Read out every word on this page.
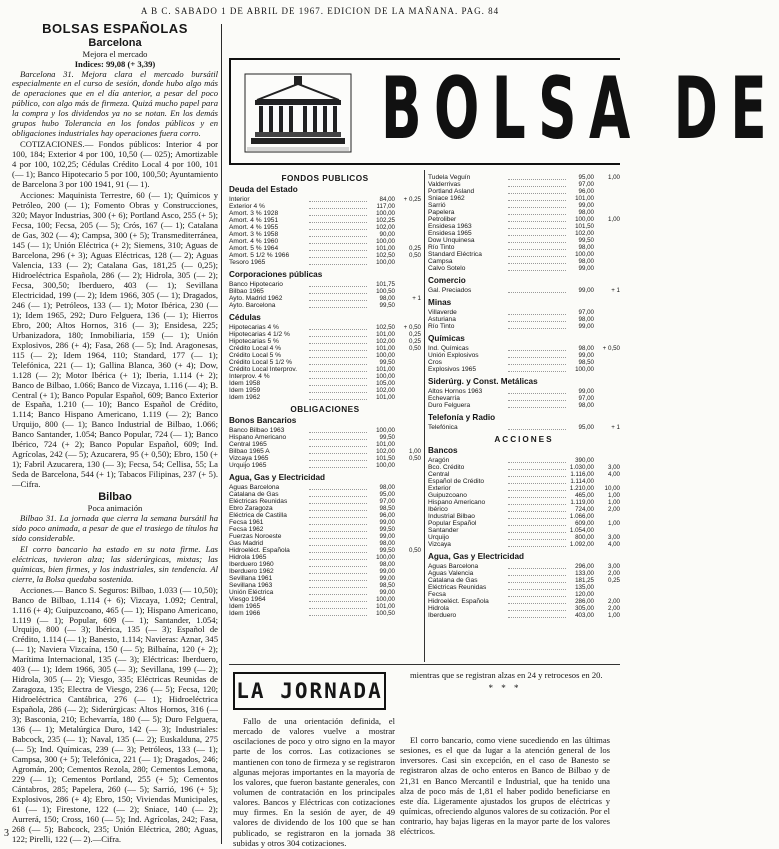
A B C. SABADO 1 DE ABRIL DE 1967. EDICION DE LA MAÑANA. PAG. 84
BOLSAS ESPAÑOLAS
Barcelona
Mejora el mercado
Indices: 99,08 (+ 3,39)

Barcelona 31. Mejora clara el mercado bursátil especialmente en el curso de sesión, donde hubo algo más de operaciones que en el día anterior, a pesar del poco público, con algo más de firmeza. Quizá mucho papel para la compra y los dividendos ya no se notan. En los demás grupos hubo Tolerancia en los fondos públicos y en obligaciones industriales hay operaciones fuera corro.

COTIZACIONES.— Fondos públicos: Interior 4 por 100, 184; Exterior 4 por 100, 10,50 (— 025); Amortizable 4 por 100, 102,25; Cédulas Crédito Local 4 por 100, 101 (— 1); Banco Hipotecario 5 por 100, 100,50; Ayuntamiento de Barcelona 3 por 100 1941, 91 (— 1).

Acciones: Maquinista Terrestre, 60 (— 1); Químicos y Petróleo, 200 (— 1); Fomento Obras y Construcciones, 320; Mayor Industrias, 300 (+ 6); Portland Asco, 255 (+ 5); Fecsa, 100; Fecsa, 205 (— 5); Crós, 167 (— 1); Catalana de Gas, 302 (— 4); Campsa, 300 (+ 5); Transmediterránea, 145 (— 1); Unión Eléctrica (+ 2); Siemens, 310; Aguas de Barcelona, 296 (+ 3); Aguas Eléctricas, 128 (— 2); Aguas Valencia, 133 (— 2); Catalana Gas, 181,25 (— 0,25); Hidroeléctrica Española, 286 (— 2); Hidrola, 305 (— 2); Fecsa, 300,50; Iberduero, 403 (— 1); Sevillana Electricidad, 199 (— 2); Idem 1966, 305 (— 1); Dragados, 246 (— 1); Petróleos, 133 (— 1); Motor Ibérica, 230 (— 1); Idem 1965, 292; Duro Felguera, 136 (— 1); Hierros Ebro, 200; Altos Hornos, 316 (— 3); Ensidesa, 225; Urbanizadora, 180; Inmobiliaria, 159 (— 1); Unión Explosivos, 286 (+ 4); Fasa, 268 (— 5); Ind. Aragonesas, 115 (— 2); Idem 1964, 110; Standard, 177 (— 1); Telefónica, 221 (— 1); Gallina Blanca, 360 (+ 4); Dow, 1.128 (— 2); Motor Ibérica (+ 1); Iberia, 1.114 (+ 2); Banco de Bilbao, 1.066; Banco de Vizcaya, 1.116 (— 4); B. Central (+ 1); Banco Popular Español, 609; Banco Exterior de España, 1.210 (— 10); Banco Español de Crédito, 1.114; Banco Hispano Americano, 1.119 (— 2); Banco Urquijo, 800 (— 1); Banco Industrial de Bilbao, 1.066; Banco Santander, 1.054; Banco Popular, 724 (— 1); Banco Ibérico, 724 (+ 2); Banco Popular Español, 609; Ind. Agrícolas, 242 (— 5); Azucarera, 95 (+ 0,50); Ebro, 150 (+ 1); Fabril Azucarera, 130 (— 3); Fecsa, 54; Cellisa, 55; La Seda de Barcelona, 544 (+ 1); Tabacos Filipinas, 237 (+ 5).—Cifra.

Bilbao
Poca animación

Bilbao 31. La jornada que cierra la semana bursátil ha sido poco animada, a pesar de que el trasiego de títulos ha sido considerable.

El corro bancario ha estado en su nota firme. Las eléctricas, tuvieron alza; las siderúrgicas, mixtas; las químicas, bien firmes, y los industriales, sin tendencia. Al cierre, la Bolsa quedaba sostenida.

Acciones.— Banco S. Seguros: Bilbao, 1.033 (— 10,50); Banco de Bilbao, 1.114 (+ 6); Vizcaya, 1.092; Central, 1.116 (+ 4); Guipuzcoano, 465 (— 1); Hispano Americano, 1.119 (— 1); Popular, 609 (— 1); Santander, 1.054; Urquijo, 800 (— 3); Ibérica, 135 (— 3); Español de Crédito, 1.114 (— 1); Banesto, 1.114; Navieras: Aznar, 345 (— 1); Naviera Vizcaína, 150 (— 5); Bilbaína, 120 (+ 2); Marítima Internacional, 135 (— 3); Eléctricas: Iberduero, 403 (— 1); Idem 1966, 305 (— 3); Sevillana, 199 (— 2); Hidrola, 305 (— 2); Viesgo, 335; Eléctricas Reunidas de Zaragoza, 135; Electra de Viesgo, 236 (— 5); Fecsa, 120; Hidroeléctrica Cantábrica, 276 (— 1); Hidroeléctrica Española, 286 (— 2); Siderúrgicas: Altos Hornos, 316 (— 3); Basconia, 210; Echevarría, 180 (— 5); Duro Felguera, 136 (— 1); Metalúrgica Duro, 142 (— 3); Industriales: Babcock, 235 (— 1); Naval, 135 (— 2); Euskalduna, 275 (— 5); Ind. Químicas, 239 (— 3); Petróleos, 133 (— 1); Campsa, 300 (+ 5); Telefónica, 221 (— 1); Dragados, 246; Agromán, 200; Cementos Rezola, 280; Cementos Lemona, 229 (— 1); Cementos Portland, 255 (+ 5); Cementos Cántabros, 285; Papelera, 260 (— 5); Sarrió, 196 (+ 5); Explosivos, 286 (+ 4); Ebro, 150; Viviendas Municipales, 61 (— 1); Firestone, 122 (— 2); Sniace, 140 (— 2); Aurrerá, 150; Cross, 160 (— 5); Ind. Agrícolas, 242; Fasa, 268 (— 5); Babcock, 235; Unión Eléctrica, 280; Aguas, 122; Pirelli, 122 (— 2).—Cifra.

BOLSA DE
FONDOS PUBLICOS
Deuda del Estado
Interior	84,00	+ 0,25
Exterior 4 %	117,00
Amort. 3 % 1928	100,00
Amort. 4 % 1951	102,25
Amort. 4 % 1955	102,00
Amort. 3 % 1958	90,00
Amort. 4 % 1960	100,00
Amort. 5 % 1964	101,00	0,25
Amort. 5 1/2 % 1966	102,50	0,50
Tesoro 1965	100,00
Corporaciones públicas
Banco Hipotecario	101,75
Bilbao 1965	100,50
Ayto. Madrid 1962	98,00	+ 1
Ayto. Barcelona	99,50
Cédulas
Hipotecarias 4 %	102,50	+ 0,50
Hipotecarias 4 1/2 %	101,00	0,25
Hipotecarias 5 %	102,00	0,25
Crédito Local 4 %	101,00	0,50
Crédito Local 5 %	100,00
Crédito Local 5 1/2 %	99,50
Crédito Local Interprov.	101,00
Interprov. 4 %	100,00
Idem 1958	105,00
Idem 1959	102,00
Idem 1962	101,00
OBLIGACIONES
Bonos Bancarios
Banco Bilbao 1963	100,00
Hispano Americano	99,50
Central 1965	101,00
Bilbao 1965 A	102,00	1,00
Vizcaya 1965	101,50	0,50
Urquijo 1965	100,00
Agua, Gas y Electricidad
Aguas Barcelona	98,00
Catalana de Gas	95,00
Eléctricas Reunidas	97,00
Ebro Zaragoza	98,50
Eléctrica de Castilla	96,00
Fecsa 1961	99,00
Fecsa 1962	99,50
Fuerzas Noroeste	99,00
Gas Madrid	98,00
Hidroeléct. Española	99,50	0,50
Hidrola 1965	100,00
Iberduero 1960	98,00
Iberduero 1962	99,00
Sevillana 1961	99,00
Sevillana 1963	98,50
Unión Eléctrica	99,00
Viesgo 1964	100,00
Idem 1965	101,00
Idem 1966	100,50
Tudela Veguín	95,00	1,00
Valderrivas	97,00
Portland Asland	96,00
Sniace 1962	101,00
Sarrió	99,00
Papelera	98,00
Petroliber	100,00	1,00
Ensidesa 1963	101,50
Ensidesa 1965	102,00
Dow Unquinesa	99,50
Río Tinto	98,00
Standard Eléctrica	100,00
Campsa	98,00
Calvo Sotelo	99,00
Comercio
Gal. Preciados	99,00	+ 1
Minas
Villaverde	97,00
Asturiana	98,00
Río Tinto	99,00
Químicas
Ind. Químicas	98,00	+ 0,50
Unión Explosivos	99,00
Cros	98,50
Explosivos 1965	100,00
Siderúrg. y Const. Metálicas
Altos Hornos 1963	99,00
Echevarría	97,00
Duro Felguera	98,00
Telefonía y Radio
Telefónica	95,00	+ 1
ACCIONES
Bancos
Aragón	390,00
Bco. Crédito	1.030,00	3,00
Central	1.116,00	4,00
Español de Crédito	1.114,00
Exterior	1.210,00	10,00
Guipuzcoano	465,00	1,00
Hispano Americano	1.119,00	1,00
Ibérico	724,00	2,00
Industrial Bilbao	1.066,00
Popular Español	609,00	1,00
Santander	1.054,00
Urquijo	800,00	3,00
Vizcaya	1.092,00	4,00
Agua, Gas y Electricidad
Aguas Barcelona	296,00	3,00
Aguas Valencia	133,00	2,00
Catalana de Gas	181,25	0,25
Eléctricas Reunidas	135,00
Fecsa	120,00
Hidroeléct. Española	286,00	2,00
Hidrola	305,00	2,00
Iberduero	403,00	1,00
LA JORNADA

Fallo de una orientación definida, el mercado de valores vuelve a mostrar oscilaciones de poco y otro signo en la mayor parte de los corros. Las cotizaciones se mantienen con tono de firmeza y se registraron algunas mejoras importantes en la mayoría de los valores, que fueron bastante generales, con volumen de contratación en los principales valores. Bancos y Eléctricas con cotizaciones muy firmes. En la sesión de ayer, de 49 valores de dividendo de los 100 que se han publicado, se registraron en la jornada 38 subidas y otros 304 cotizaciones.

mientras que se registran alzas en 24 y retrocesos en 20.

* * *

El corro bancario, como viene sucediendo en las últimas sesiones, es el que da lugar a la atención general de los inversores. Casi sin excepción, en el caso de Banesto se registraron alzas de ocho enteros en Banco de Bilbao y de 21,31 en Banco Mercantil e Industrial, que ha tenido una alza de poco más de 1,81 el haber podido beneficiarse en este día. Ligeramente ajustados los grupos de eléctricas y químicas, ofreciendo algunos valores de su cotización. Por el contrario, hay bajas ligeras en la mayor parte de los valores eléctricos.

3
